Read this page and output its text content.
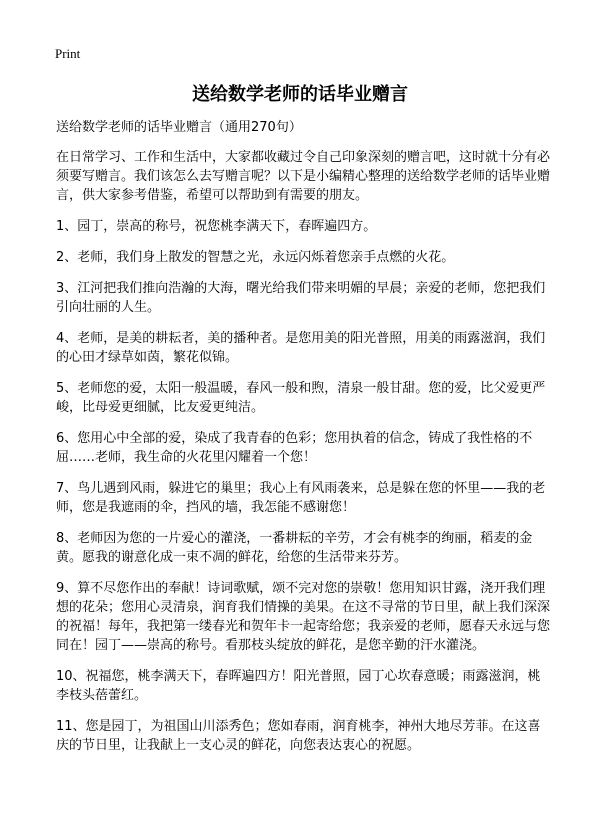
Print
送给数学老师的话毕业赠言

送给数学老师的话毕业赠言（通用270句）

在日常学习、工作和生活中，大家都收藏过令自己印象深刻的赠言吧，这时就十分有必须要写赠言。我们该怎么去写赠言呢？以下是小编精心整理的送给数学老师的话毕业赠言，供大家参考借鉴，希望可以帮助到有需要的朋友。

1、园丁，崇高的称号，祝您桃李满天下，春晖遍四方。

2、老师，我们身上散发的智慧之光，永远闪烁着您亲手点燃的火花。

3、江河把我们推向浩瀚的大海，曙光给我们带来明媚的早晨；亲爱的老师，您把我们引向壮丽的人生。

4、老师，是美的耕耘者，美的播种者。是您用美的阳光普照，用美的雨露滋润，我们的心田才绿草如茵，繁花似锦。

5、老师您的爱，太阳一般温暖，春风一般和煦，清泉一般甘甜。您的爱，比父爱更严峻，比母爱更细腻，比友爱更纯洁。

6、您用心中全部的爱，染成了我青春的色彩；您用执着的信念，铸成了我性格的不屈……老师，我生命的火花里闪耀着一个您！

7、鸟儿遇到风雨，躲进它的巢里；我心上有风雨袭来，总是躲在您的怀里——我的老师，您是我遮雨的伞，挡风的墙，我怎能不感谢您！

8、老师因为您的一片爱心的灌浇，一番耕耘的辛劳，才会有桃李的绚丽，稻麦的金黄。愿我的谢意化成一束不凋的鲜花，给您的生活带来芬芳。

9、算不尽您作出的奉献！诗词歌赋，颂不完对您的崇敬！您用知识甘露，浇开我们理想的花朵；您用心灵清泉，润育我们情操的美果。在这不寻常的节日里，献上我们深深的祝福！每年，我把第一缕春光和贺年卡一起寄给您；我亲爱的老师，愿春天永远与您同在！园丁——崇高的称号。看那枝头绽放的鲜花，是您辛勤的汗水灌浇。

10、祝福您，桃李满天下，春晖遍四方！阳光普照，园丁心坎春意暖；雨露滋润，桃李枝头蓓蕾红。

11、您是园丁，为祖国山川添秀色；您如春雨，润育桃李，神州大地尽芳菲。在这喜庆的节日里，让我献上一支心灵的鲜花，向您表达衷心的祝愿。
